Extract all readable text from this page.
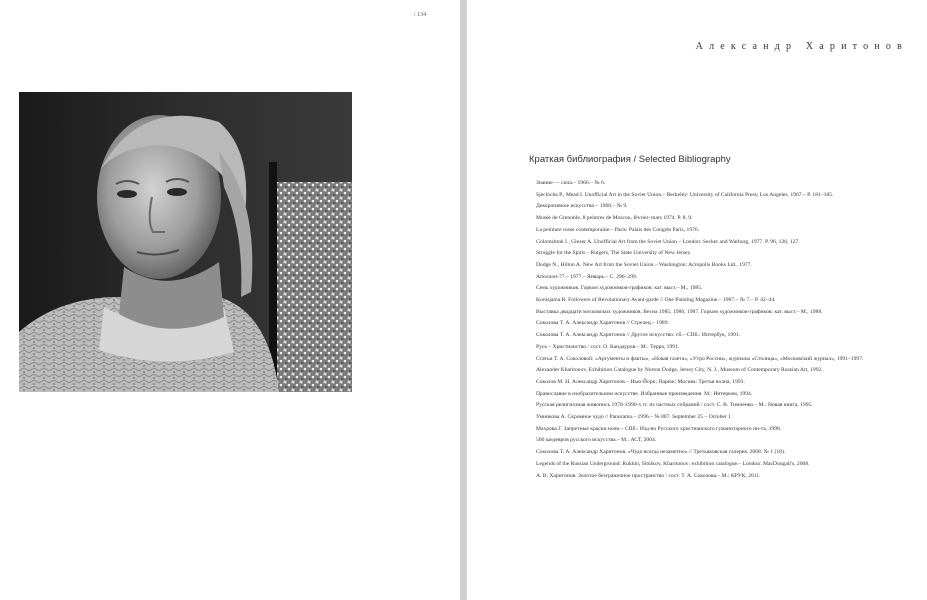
/ 134
Александр Харитонов
Краткая библиография / Selected Bibliography
Знание — сила.– 1966.– № 6.
Sjeclocha P., Mead I. Unofficial Art in the Soviet Union.– Berkeley: University of California Press; Los Angeles. 1967.– P. 181–185.
Декоративное искусство.– 1968.– № 9.
Musée de Grenoble, 8 peintres de Moscou, février–mars 1974. P. 8, 9.
La peinture russe contemporaine.– Paris: Palais des Congrès Paris, 1976.
Golomshtok I., Glezer A. Unofficial Art from the Soviet Union.– London: Secker and Warburg, 1977. P. 96, 126, 127.
Struggle for the Spirit.– Rutgers, The State University of New Jersey.
Dodge N., Hilton A. New Art from the Soviet Union.– Washington: Acropolis Books Ltd., 1977.
Аполлон-77.– 1977.– Январь.– С. 296–299.
Семь художников. Горком художников-графиков: кат. выст.– М., 1985.
Konisjama R. Followers of Revolutionary Avant-garde // One Painting Magazine.– 1987.– № 7.– P. 42–44.
Выставка двадцати московских художников. Весна 1985, 1986, 1987. Горком художников-графиков: кат. выст.– М., 1988.
Соколова Т. А. Александр Харитонов // Стрелец.– 1989.
Соколова Т. А. Александр Харитонов // Другое искусство: сб.– СПб.: Интербук, 1991.
Русь – Христианство / сост. О. Кандауров.– М.: Терра, 1991.
Статьи Т. А. Соколовой: «Аргументы и факты», «Новая газета», «Утро России», журналы «Столица», «Московский журнал», 1991–1997.
Alexander Kharitonov, Exhibition Catalogue by Norton Dodge, Jersey City, N. J., Museum of Contemporary Russian Art, 1992.
Соколов М. Н. Александр Харитонов.– Нью-Йорк; Париж; Москва: Третья волна, 1993.
Православие в изобразительном искусстве. Избранные произведения. М.: Интерком, 1994.
Русская религиозная живопись 1970–1990-х гг. из частных собраний / сост. С. В. Тимченко.– М.: Новая книга, 1995.
Умникова А. Скромное чудо // Panorama.– 1996.– № 807. September 25 – October 1
Махрова Г. Запретные краски ночи.– СПб.: Изд-во Русского христианского гуманитарного ин-та, 1998.
500 шедевров русского искусства.– М.: АСТ, 2004.
Соколова Т. А. Александр Харитонов. «Чудо всегда незаметно» // Третьяковская галерея. 2008. № 1 (18).
Legends of the Russian Underground: Rukhin, Sitnikov, Kharitonov: exhibition catalogue.– London: MacDougall's, 2008.
А. В. Харитонов. Золотое безграничное пространство / сост. Т. А. Соколова.– М.: КРУК, 2011.
